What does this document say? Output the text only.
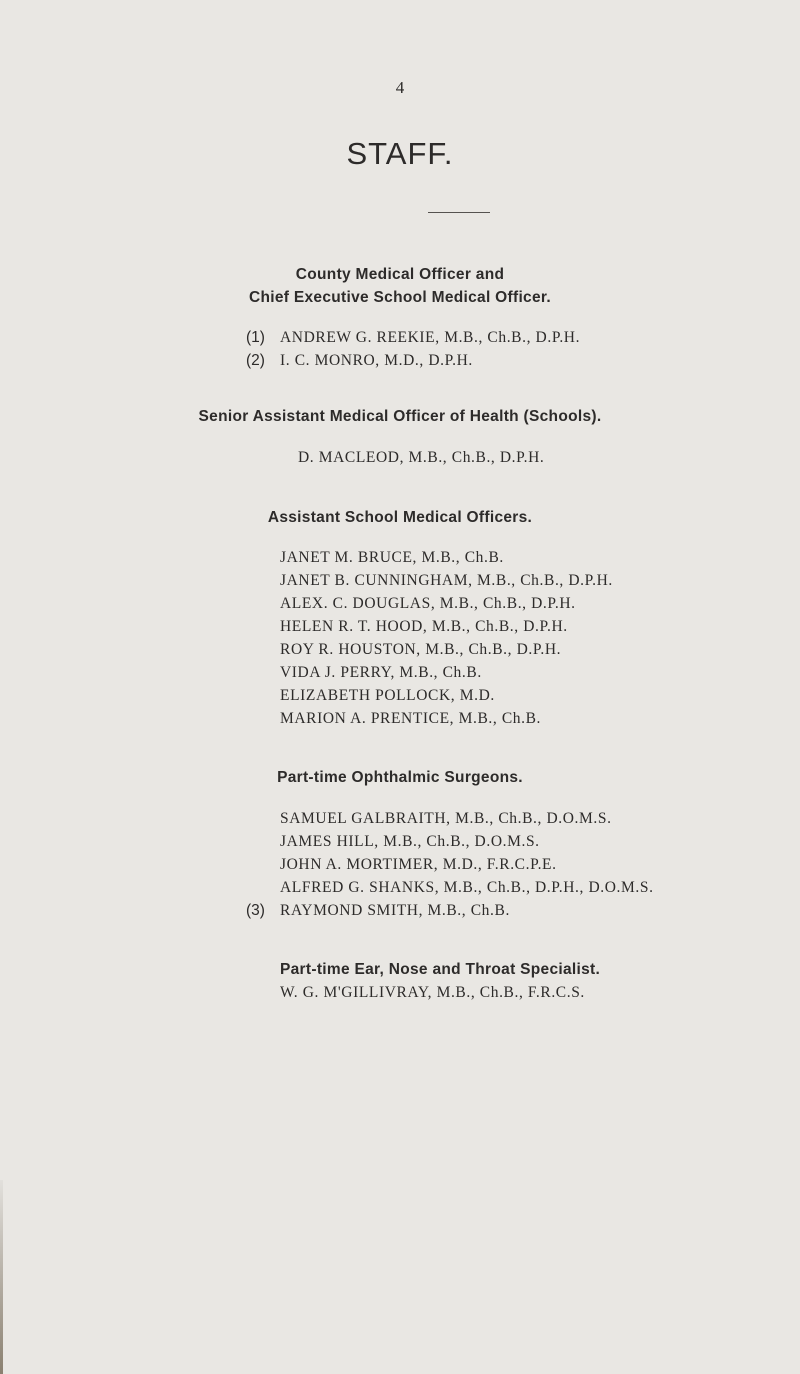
4
STAFF.
County Medical Officer and
Chief Executive School Medical Officer.
(1) ANDREW G. REEKIE, M.B., Ch.B., D.P.H.
(2) I. C. MONRO, M.D., D.P.H.
Senior Assistant Medical Officer of Health (Schools).
D. MACLEOD, M.B., Ch.B., D.P.H.
Assistant School Medical Officers.
JANET M. BRUCE, M.B., Ch.B.
JANET B. CUNNINGHAM, M.B., Ch.B., D.P.H.
ALEX. C. DOUGLAS, M.B., Ch.B., D.P.H.
HELEN R. T. HOOD, M.B., Ch.B., D.P.H.
ROY R. HOUSTON, M.B., Ch.B., D.P.H.
VIDA J. PERRY, M.B., Ch.B.
ELIZABETH POLLOCK, M.D.
MARION A. PRENTICE, M.B., Ch.B.
Part-time Ophthalmic Surgeons.
SAMUEL GALBRAITH, M.B., Ch.B., D.O.M.S.
JAMES HILL, M.B., Ch.B., D.O.M.S.
JOHN A. MORTIMER, M.D., F.R.C.P.E.
ALFRED G. SHANKS, M.B., Ch.B., D.P.H., D.O.M.S.
(3) RAYMOND SMITH, M.B., Ch.B.
Part-time Ear, Nose and Throat Specialist.
W. G. M'GILLIVRAY, M.B., Ch.B., F.R.C.S.
